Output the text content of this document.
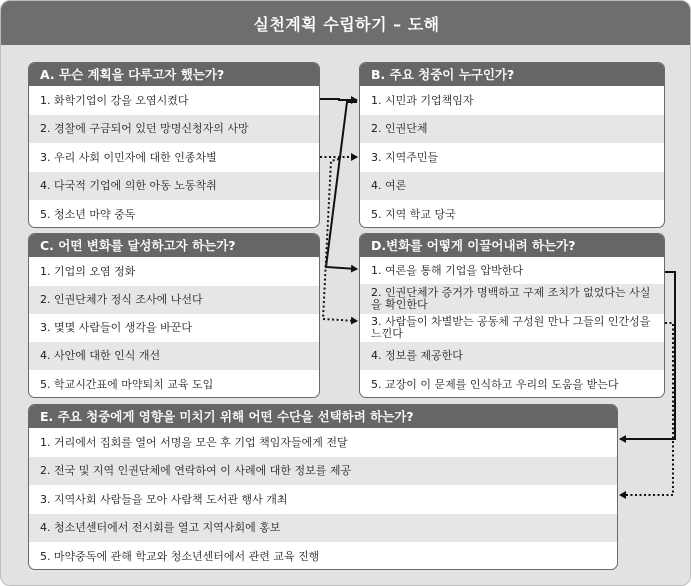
실천계획 수립하기 – 도해
A. 무슨 계획을 다루고자 했는가?
1. 화학기업이 강을 오염시켰다
2. 경찰에 구금되어 있던 망명신청자의 사망
3. 우리 사회 이민자에 대한 인종차별
4. 다국적 기업에 의한 아동 노동착취
5. 청소년 마약 중독
B. 주요 청중이 누구인가?
1. 시민과 기업책임자
2. 인권단체
3. 지역주민들
4. 여론
5. 지역 학교 당국
C. 어떤 변화를 달성하고자 하는가?
1. 기업의 오염 정화
2. 인권단체가 정식 조사에 나선다
3. 몇몇 사람들이 생각을 바꾼다
4. 사안에 대한 인식 개선
5. 학교시간표에 마약퇴치 교육 도입
D.변화를 어떻게 이끌어내려 하는가?
1. 여론을 통해 기업을 압박한다
2. 인권단체가 증거가 명백하고 구제 조치가 없었다는 사실을 확인한다
3. 사람들이 차별받는 공동체 구성원 만나 그들의 인간성을 느낀다
4. 정보를 제공한다
5. 교장이 이 문제를 인식하고 우리의 도움을 받는다
E. 주요 청중에게 영향을 미치기 위해 어떤 수단을 선택하려 하는가?
1. 거리에서 집회를 열어 서명을 모은 후 기업 책임자들에게 전달
2. 전국 및 지역 인권단체에 연락하여 이 사례에 대한 정보를 제공
3. 지역사회 사람들을 모아 사람책 도서관 행사 개최
4. 청소년센터에서 전시회를 열고 지역사회에 홍보
5. 마약중독에 관해 학교와 청소년센터에서 관련 교육 진행
